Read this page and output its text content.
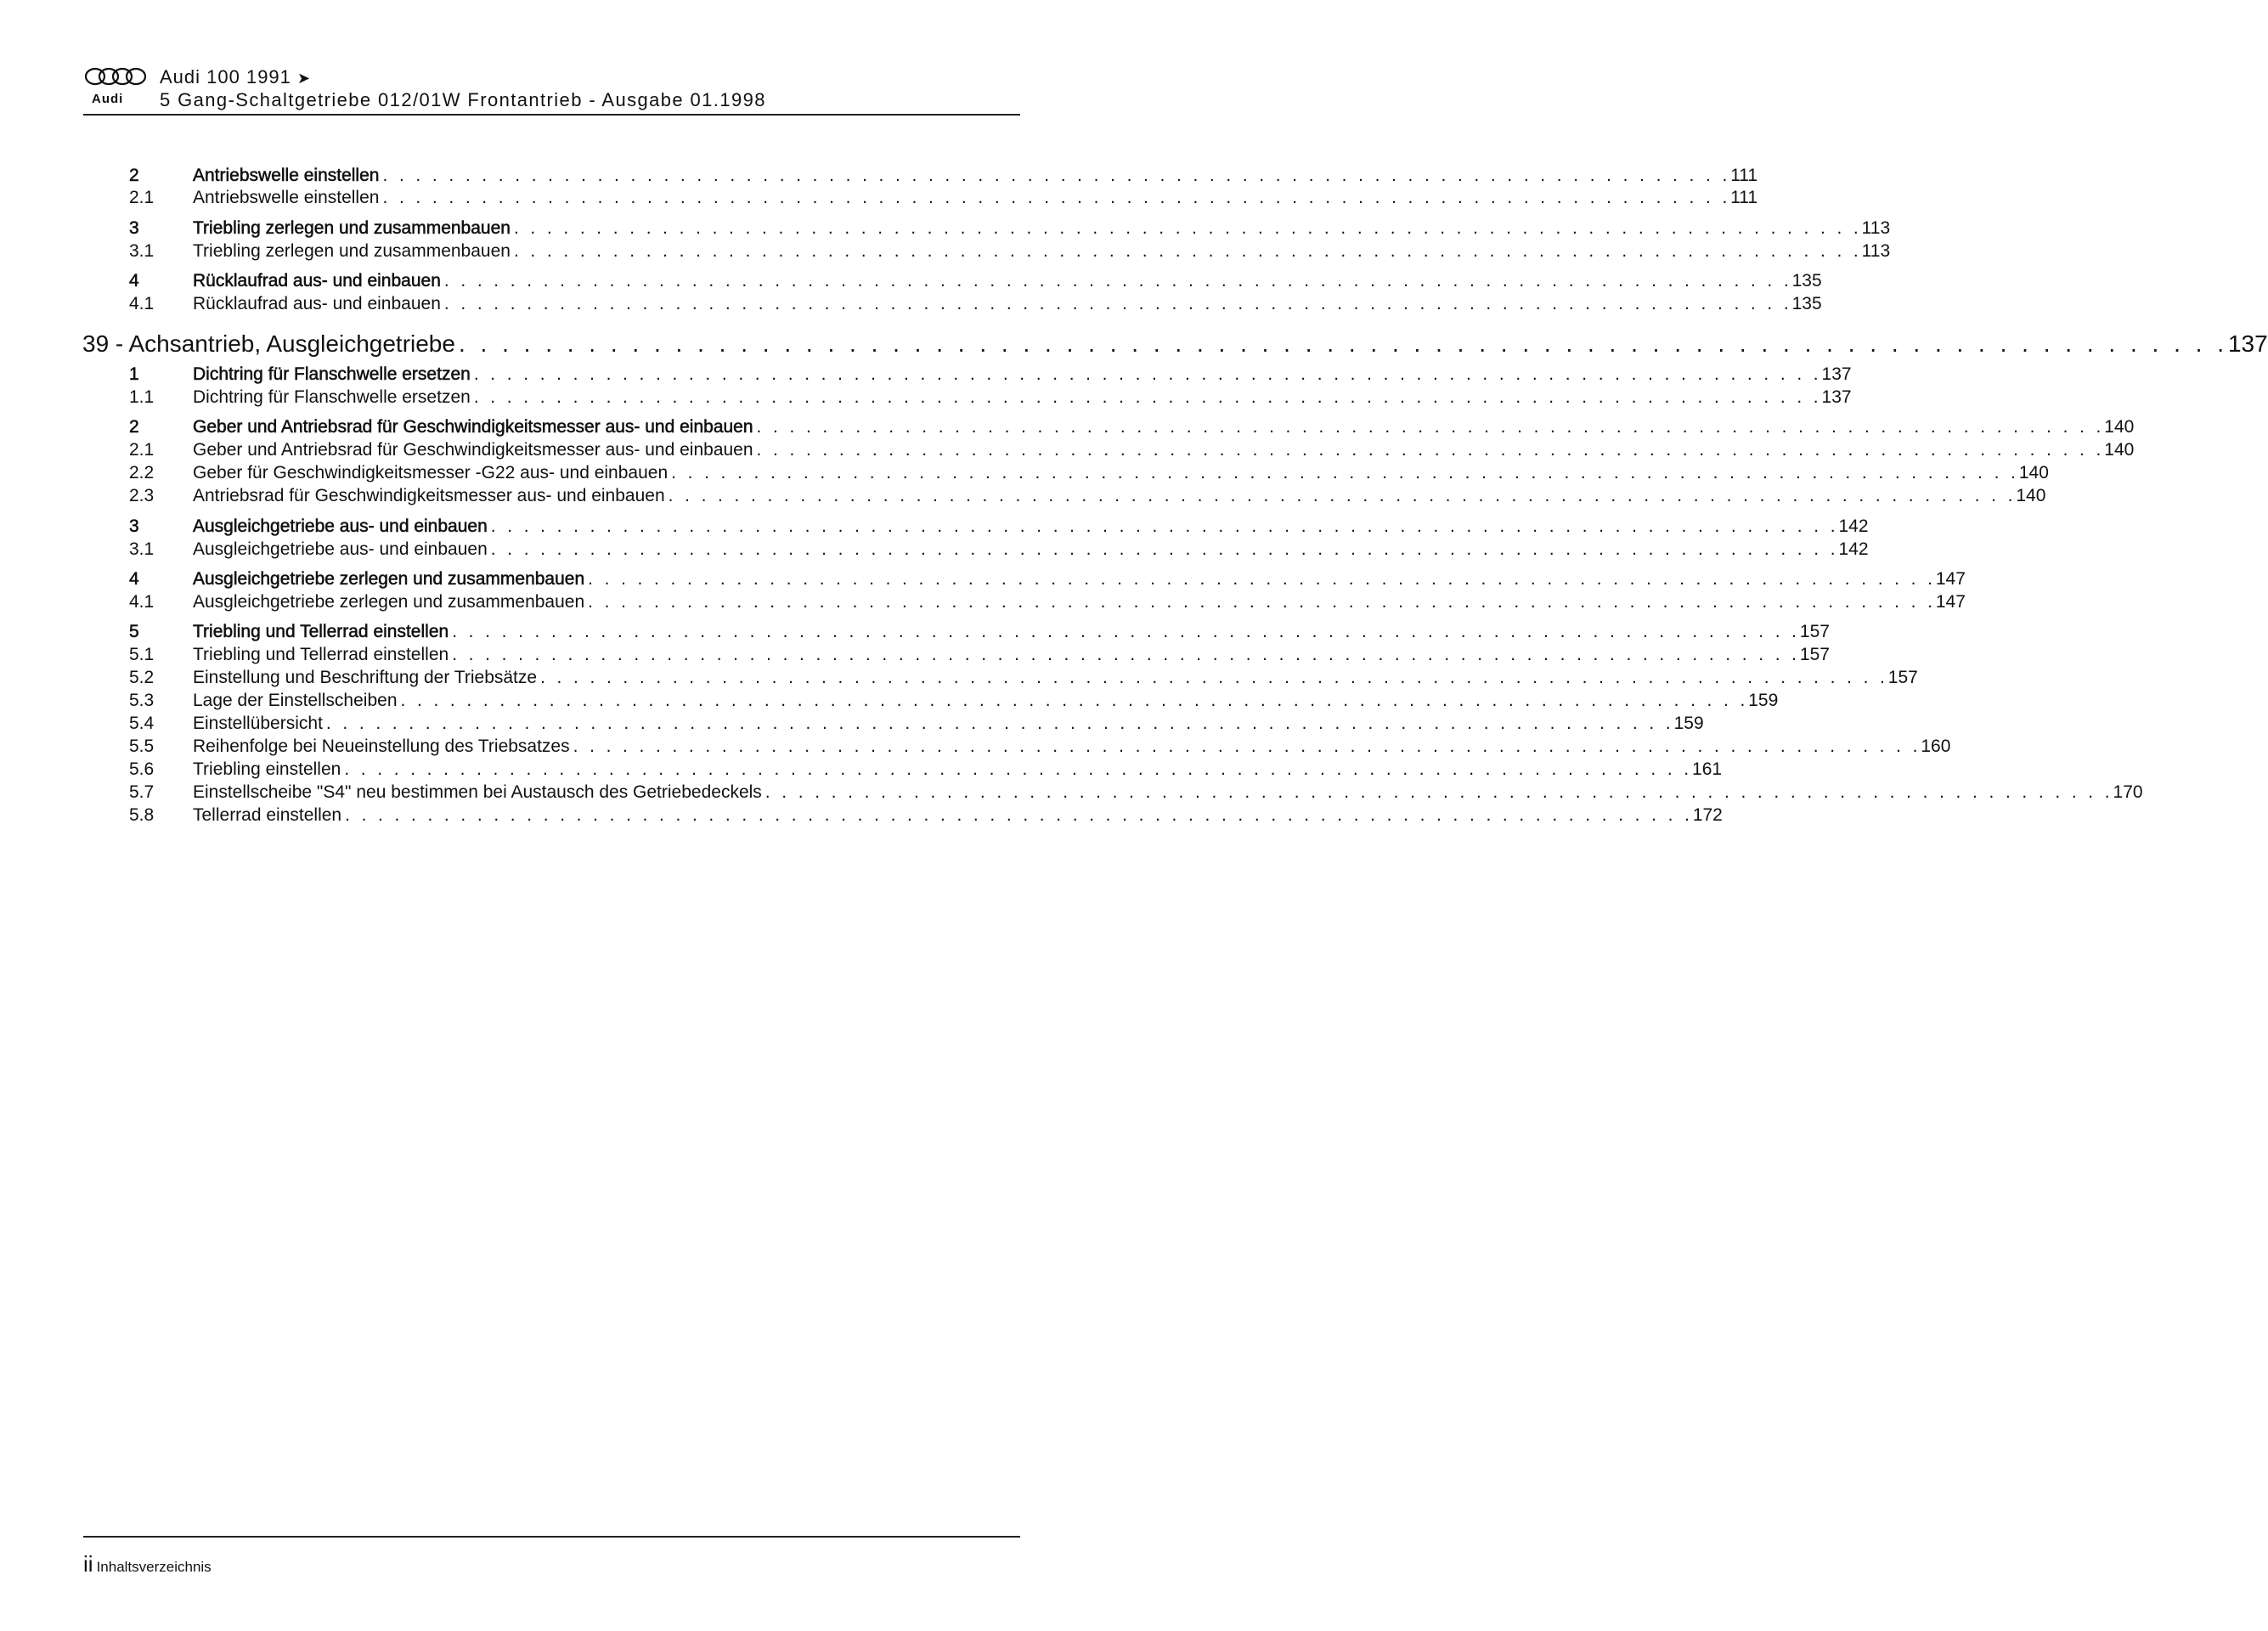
Audi
Audi 100 1991 ➤
5 Gang-Schaltgetriebe 012/01W Frontantrieb - Ausgabe 01.1998
2	Antriebswelle einstellen . . . . . . . . . . . . . . . . . . . . . . . . . . . . . . . . . . . . . . . . . . . . . . . . . . . . . . . . . . . . . . . . . . . . . . . . . . . . . . . . . . 111
2.1 Antriebswelle einstellen . . . . . . . . . . . . . . . . . . . . . . . . . . . . . . . . . . . . . . . . . . . . . . . . . . . . . . . . . . . . . . . . . . . . . . . . . . . . . . . . . . 111
3	Triebling zerlegen und zusammenbauen . . . . . . . . . . . . . . . . . . . . . . . . . . . . . . . . . . . . . . . . . . . . . . . . . . . . . . . . . . . . . . . . . . . . . . . . . . . . . . . . . . 113
3.1 Triebling zerlegen und zusammenbauen . . . . . . . . . . . . . . . . . . . . . . . . . . . . . . . . . . . . . . . . . . . . . . . . . . . . . . . . . . . . . . . . . . . . . . . . . . . . . . . . . . 113
4	Rücklaufrad aus- und einbauen . . . . . . . . . . . . . . . . . . . . . . . . . . . . . . . . . . . . . . . . . . . . . . . . . . . . . . . . . . . . . . . . . . . . . . . . . . . . . . . . . . 135
4.1 Rücklaufrad aus- und einbauen . . . . . . . . . . . . . . . . . . . . . . . . . . . . . . . . . . . . . . . . . . . . . . . . . . . . . . . . . . . . . . . . . . . . . . . . . . . . . . . . . . 135
39 - Achsantrieb, Ausgleichgetriebe . . . . . . . . . . . . . . . . . . . . . . . . . . . . . . . . . . . . . . . . . . . . . . . . . . . . . . . . . . . . . . . . . . . . . . . . . . . . . . . . . . 137
1	Dichtring für Flanschwelle ersetzen . . . . . . . . . . . . . . . . . . . . . . . . . . . . . . . . . . . . . . . . . . . . . . . . . . . . . . . . . . . . . . . . . . . . . . . . . . . . . . . . . . 137
1.1 Dichtring für Flanschwelle ersetzen . . . . . . . . . . . . . . . . . . . . . . . . . . . . . . . . . . . . . . . . . . . . . . . . . . . . . . . . . . . . . . . . . . . . . . . . . . . . . . . . . . 137
2	Geber und Antriebsrad für Geschwindigkeitsmesser aus- und einbauen . . . . . . . . . . . . . . . . . . . . . . . . . . . . . . . . . . . . . . . . . . . . . . . . . . . . . . . . . . . . . . . . . . . . . . . . . . . . . . . . . . 140
2.1 Geber und Antriebsrad für Geschwindigkeitsmesser aus- und einbauen . . . . . . . . . . . . . . . . . . . . . . . . . . . . . . . . . . . . . . . . . . . . . . . . . . . . . . . . . . . . . . . . . . . . . . . . . . . . . . . . . . 140
2.2 Geber für Geschwindigkeitsmesser -G22 aus- und einbauen . . . . . . . . . . . . . . . . . . . . . . . . . . . . . . . . . . . . . . . . . . . . . . . . . . . . . . . . . . . . . . . . . . . . . . . . . . . . . . . . . . 140
2.3 Antriebsrad für Geschwindigkeitsmesser aus- und einbauen . . . . . . . . . . . . . . . . . . . . . . . . . . . . . . . . . . . . . . . . . . . . . . . . . . . . . . . . . . . . . . . . . . . . . . . . . . . . . . . . . . 140
3	Ausgleichgetriebe aus- und einbauen . . . . . . . . . . . . . . . . . . . . . . . . . . . . . . . . . . . . . . . . . . . . . . . . . . . . . . . . . . . . . . . . . . . . . . . . . . . . . . . . . . 142
3.1 Ausgleichgetriebe aus- und einbauen . . . . . . . . . . . . . . . . . . . . . . . . . . . . . . . . . . . . . . . . . . . . . . . . . . . . . . . . . . . . . . . . . . . . . . . . . . . . . . . . . . 142
4	Ausgleichgetriebe zerlegen und zusammenbauen . . . . . . . . . . . . . . . . . . . . . . . . . . . . . . . . . . . . . . . . . . . . . . . . . . . . . . . . . . . . . . . . . . . . . . . . . . . . . . . . . . 147
4.1 Ausgleichgetriebe zerlegen und zusammenbauen . . . . . . . . . . . . . . . . . . . . . . . . . . . . . . . . . . . . . . . . . . . . . . . . . . . . . . . . . . . . . . . . . . . . . . . . . . . . . . . . . . 147
5	Triebling und Tellerrad einstellen . . . . . . . . . . . . . . . . . . . . . . . . . . . . . . . . . . . . . . . . . . . . . . . . . . . . . . . . . . . . . . . . . . . . . . . . . . . . . . . . . . 157
5.1 Triebling und Tellerrad einstellen . . . . . . . . . . . . . . . . . . . . . . . . . . . . . . . . . . . . . . . . . . . . . . . . . . . . . . . . . . . . . . . . . . . . . . . . . . . . . . . . . . 157
5.2 Einstellung und Beschriftung der Triebsätze . . . . . . . . . . . . . . . . . . . . . . . . . . . . . . . . . . . . . . . . . . . . . . . . . . . . . . . . . . . . . . . . . . . . . . . . . . . . . . . . . . 157
5.3 Lage der Einstellscheiben . . . . . . . . . . . . . . . . . . . . . . . . . . . . . . . . . . . . . . . . . . . . . . . . . . . . . . . . . . . . . . . . . . . . . . . . . . . . . . . . . . 159
5.4 Einstellübersicht . . . . . . . . . . . . . . . . . . . . . . . . . . . . . . . . . . . . . . . . . . . . . . . . . . . . . . . . . . . . . . . . . . . . . . . . . . . . . . . . . . 159
5.5 Reihenfolge bei Neueinstellung des Triebsatzes . . . . . . . . . . . . . . . . . . . . . . . . . . . . . . . . . . . . . . . . . . . . . . . . . . . . . . . . . . . . . . . . . . . . . . . . . . . . . . . . . . 160
5.6 Triebling einstellen . . . . . . . . . . . . . . . . . . . . . . . . . . . . . . . . . . . . . . . . . . . . . . . . . . . . . . . . . . . . . . . . . . . . . . . . . . . . . . . . . . 161
5.7 Einstellscheibe "S4" neu bestimmen bei Austausch des Getriebedeckels . . . . . . . . . . . . . . . . . . . . . . . . . . . . . . . . . . . . . . . . . . . . . . . . . . . . . . . . . . . . . . . . . . . . . . . . . . . . . . . . . . 170
5.8 Tellerrad einstellen . . . . . . . . . . . . . . . . . . . . . . . . . . . . . . . . . . . . . . . . . . . . . . . . . . . . . . . . . . . . . . . . . . . . . . . . . . . . . . . . . . 172
ii Inhaltsverzeichnis
